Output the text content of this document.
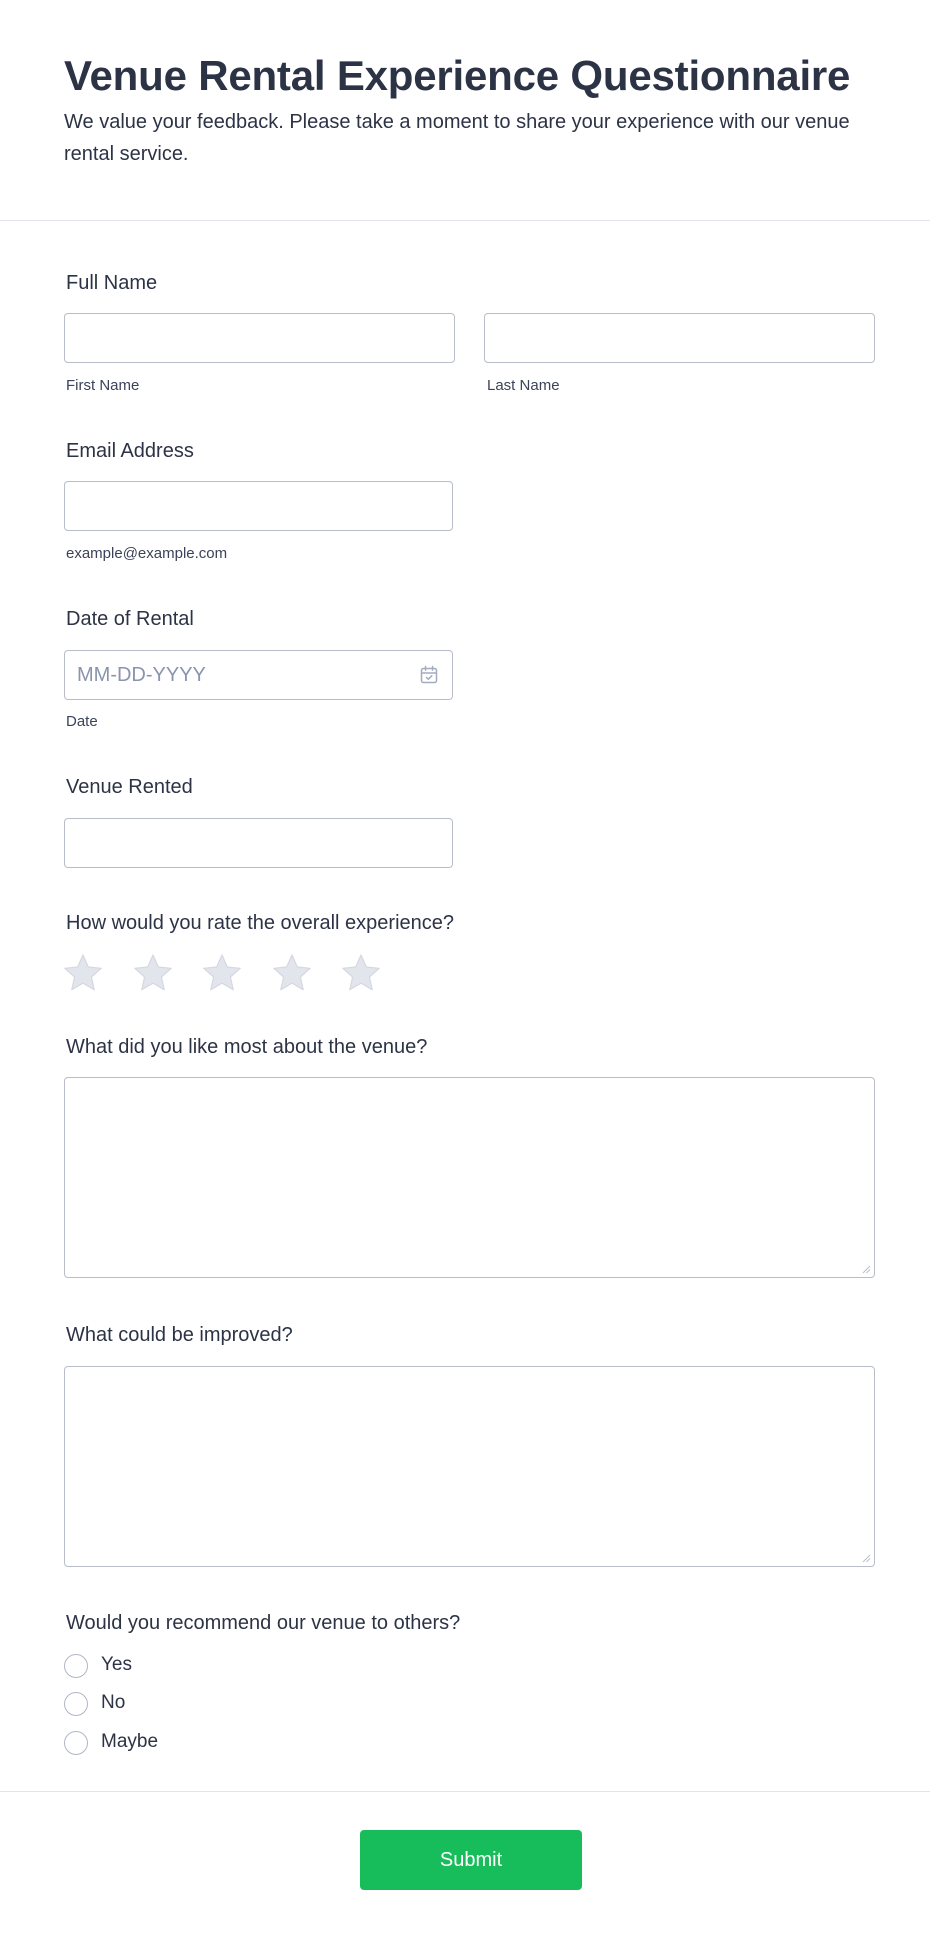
Venue Rental Experience Questionnaire

We value your feedback. Please take a moment to share your experience with our venue rental service.

Full Name
First Name	Last Name
Email Address
example@example.com
Date of Rental
MM-DD-YYYY
Date
Venue Rented
How would you rate the overall experience?
What did you like most about the venue?
What could be improved?
Would you recommend our venue to others?
Yes
No
Maybe
Submit
